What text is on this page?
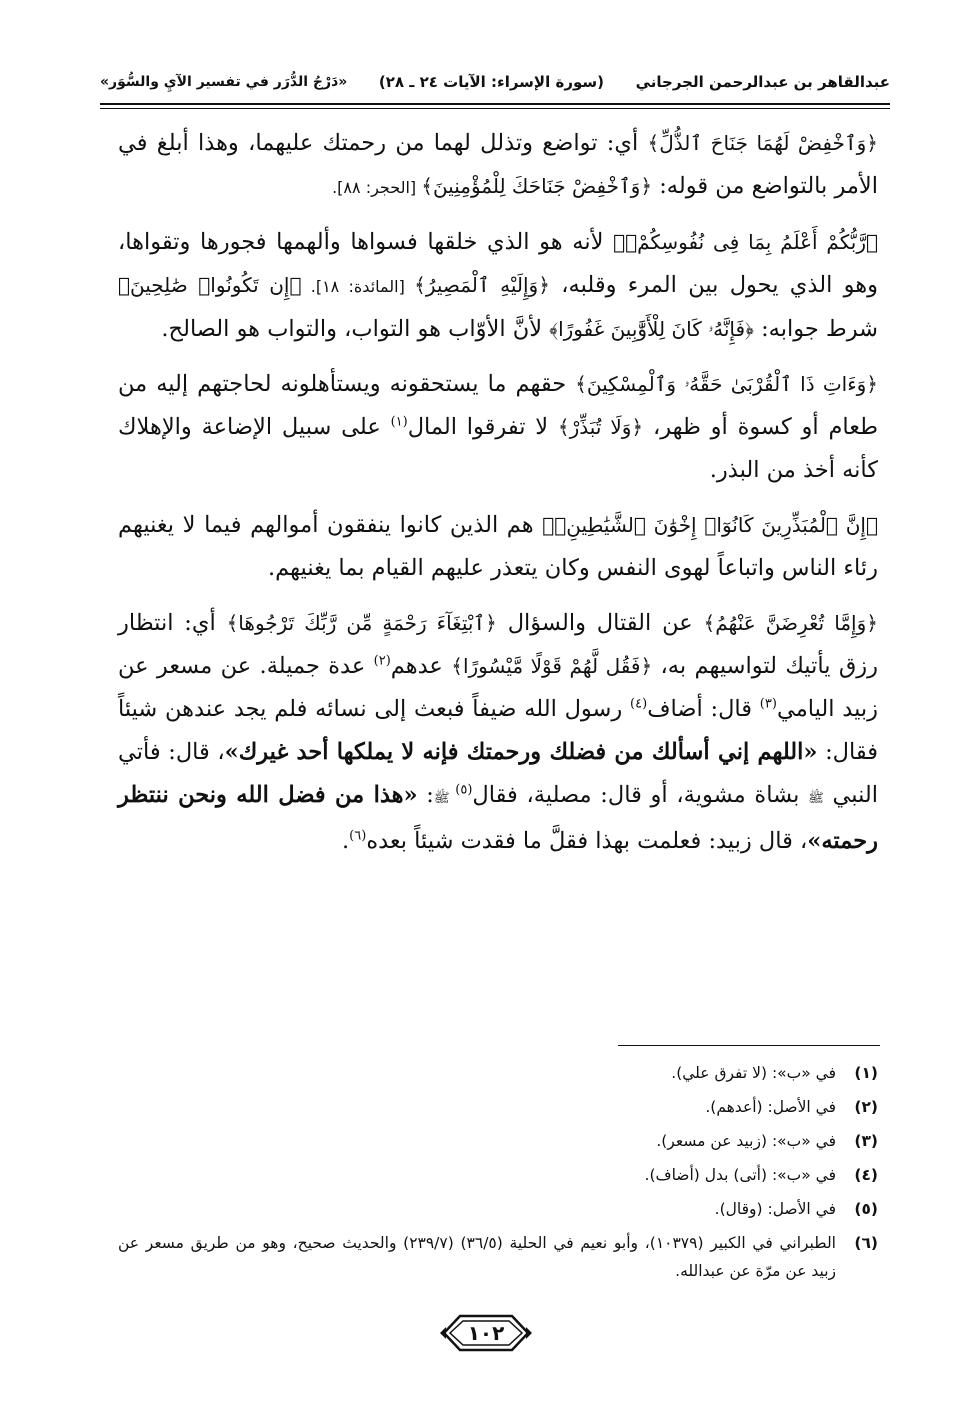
عبدالقاهر بن عبدالرحمن الجرجاني
(سورة الإسراء: الآيات ٢٤ ـ ٢٨)
«دَرْجُ الدُّرَر في تفسير الآيِ والسُّوَر»

﴿وَٱخْفِضْ لَهُمَا جَنَاحَ ٱلذُّلِّ﴾ أي: تواضع وتذلل لهما من رحمتك عليهما، وهذا أبلغ في الأمر بالتواضع من قوله: ﴿وَٱخْفِضْ جَنَاحَكَ لِلْمُؤْمِنِينَ﴾ [الحجر: ٨٨].

﴿رَّبُّكُمْ أَعْلَمُ بِمَا فِى نُفُوسِكُمْۚ﴾ لأنه هو الذي خلقها فسواها وألهمها فجورها وتقواها، وهو الذي يحول بين المرء وقلبه، ﴿وَإِلَيْهِ ٱلْمَصِيرُ﴾ [المائدة: ١٨]. ﴿إِن تَكُونُوا۟ صَٰلِحِينَ﴾ شرط جوابه: ﴿فَإِنَّهُۥ كَانَ لِلْأَوَّٰبِينَ غَفُورًا﴾ لأنَّ الأوّاب هو التواب، والتواب هو الصالح.

﴿وَءَاتِ ذَا ٱلْقُرْبَىٰ حَقَّهُۥ وَٱلْمِسْكِينَ﴾ حقهم ما يستحقونه ويستأهلونه لحاجتهم إليه من طعام أو كسوة أو ظهر، ﴿وَلَا تُبَذِّرْ﴾ لا تفرقوا المال$^{(١)}$ على سبيل الإضاعة والإهلاك كأنه أخذ من البذر.

﴿إِنَّ ٱلْمُبَذِّرِينَ كَانُوٓا۟ إِخْوَٰنَ ٱلشَّيَٰطِينِۖ﴾ هم الذين كانوا ينفقون أموالهم فيما لا يغنيهم رئاء الناس واتباعاً لهوى النفس وكان يتعذر عليهم القيام بما يغنيهم.

﴿وَإِمَّا تُعْرِضَنَّ عَنْهُمُ﴾ عن القتال والسؤال ﴿ٱبْتِغَآءَ رَحْمَةٍ مِّن رَّبِّكَ تَرْجُوهَا﴾ أي: انتظار رزق يأتيك لتواسيهم به، ﴿فَقُل لَّهُمْ قَوْلًا مَّيْسُورًا﴾ عدهم$^{(٢)}$ عدة جميلة. عن مسعر عن زبيد اليامي$^{(٣)}$ قال: أضاف$^{(٤)}$ رسول الله ضيفاً فبعث إلى نسائه فلم يجد عندهن شيئاً فقال: «اللهم إني أسألك من فضلك ورحمتك فإنه لا يملكها أحد غيرك»، قال: فأتي النبي ﷺ بشاة مشوية، أو قال: مصلية، فقال$^{(٥)}$ ﷺ: «هذا من فضل الله ونحن ننتظر رحمته»، قال زبيد: فعلمت بهذا فقلَّ ما فقدت شيئاً بعده$^{(٦)}$.

(١)
في «ب»: (لا تفرق علي).
(٢)
في الأصل: (أعدهم).
(٣)
في «ب»: (زبيد عن مسعر).
(٤)
في «ب»: (أتى) بدل (أضاف).
(٥)
في الأصل: (وقال).
(٦)
الطبراني في الكبير (١٠٣٧٩)، وأبو نعيم في الحلية (٣٦/٥) (٢٣٩/٧) والحديث صحيح، وهو من طريق مسعر عن زبيد عن مرّة عن عبدالله.
١٠٢
